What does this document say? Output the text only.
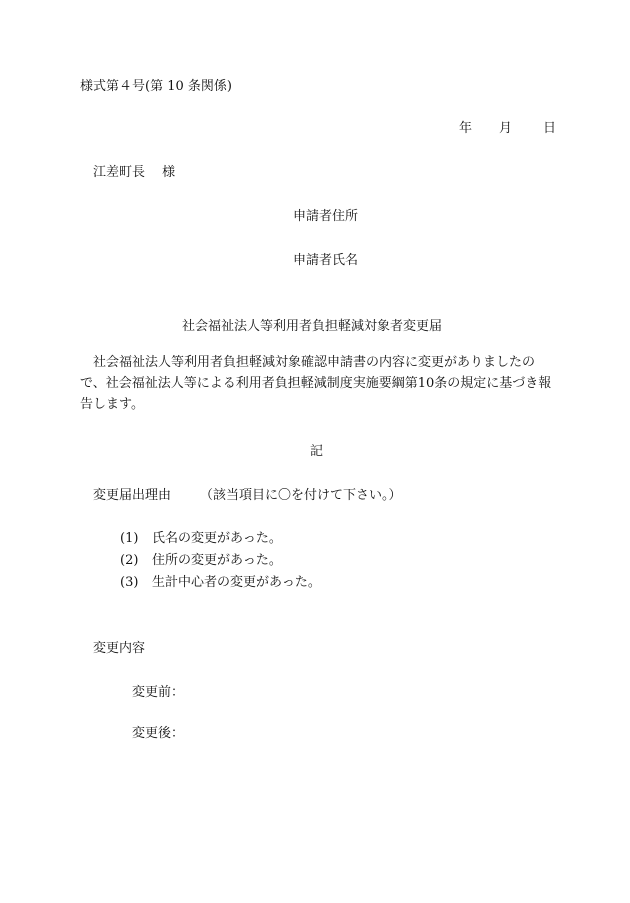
様式第４号(第 10 条関係)
年	月	日
江差町長　 様
申請者住所
申請者氏名
社会福祉法人等利用者負担軽減対象者変更届
社会福祉法人等利用者負担軽減対象確認申請書の内容に変更がありましたので、社会福祉法人等による利用者負担軽減制度実施要綱第10条の規定に基づき報告します。
記
変更届出理由 （該当項目に〇を付けて下さい。）
(1) 氏名の変更があった。
(2) 住所の変更があった。
(3) 生計中心者の変更があった。
変更内容
変更前：
変更後：
